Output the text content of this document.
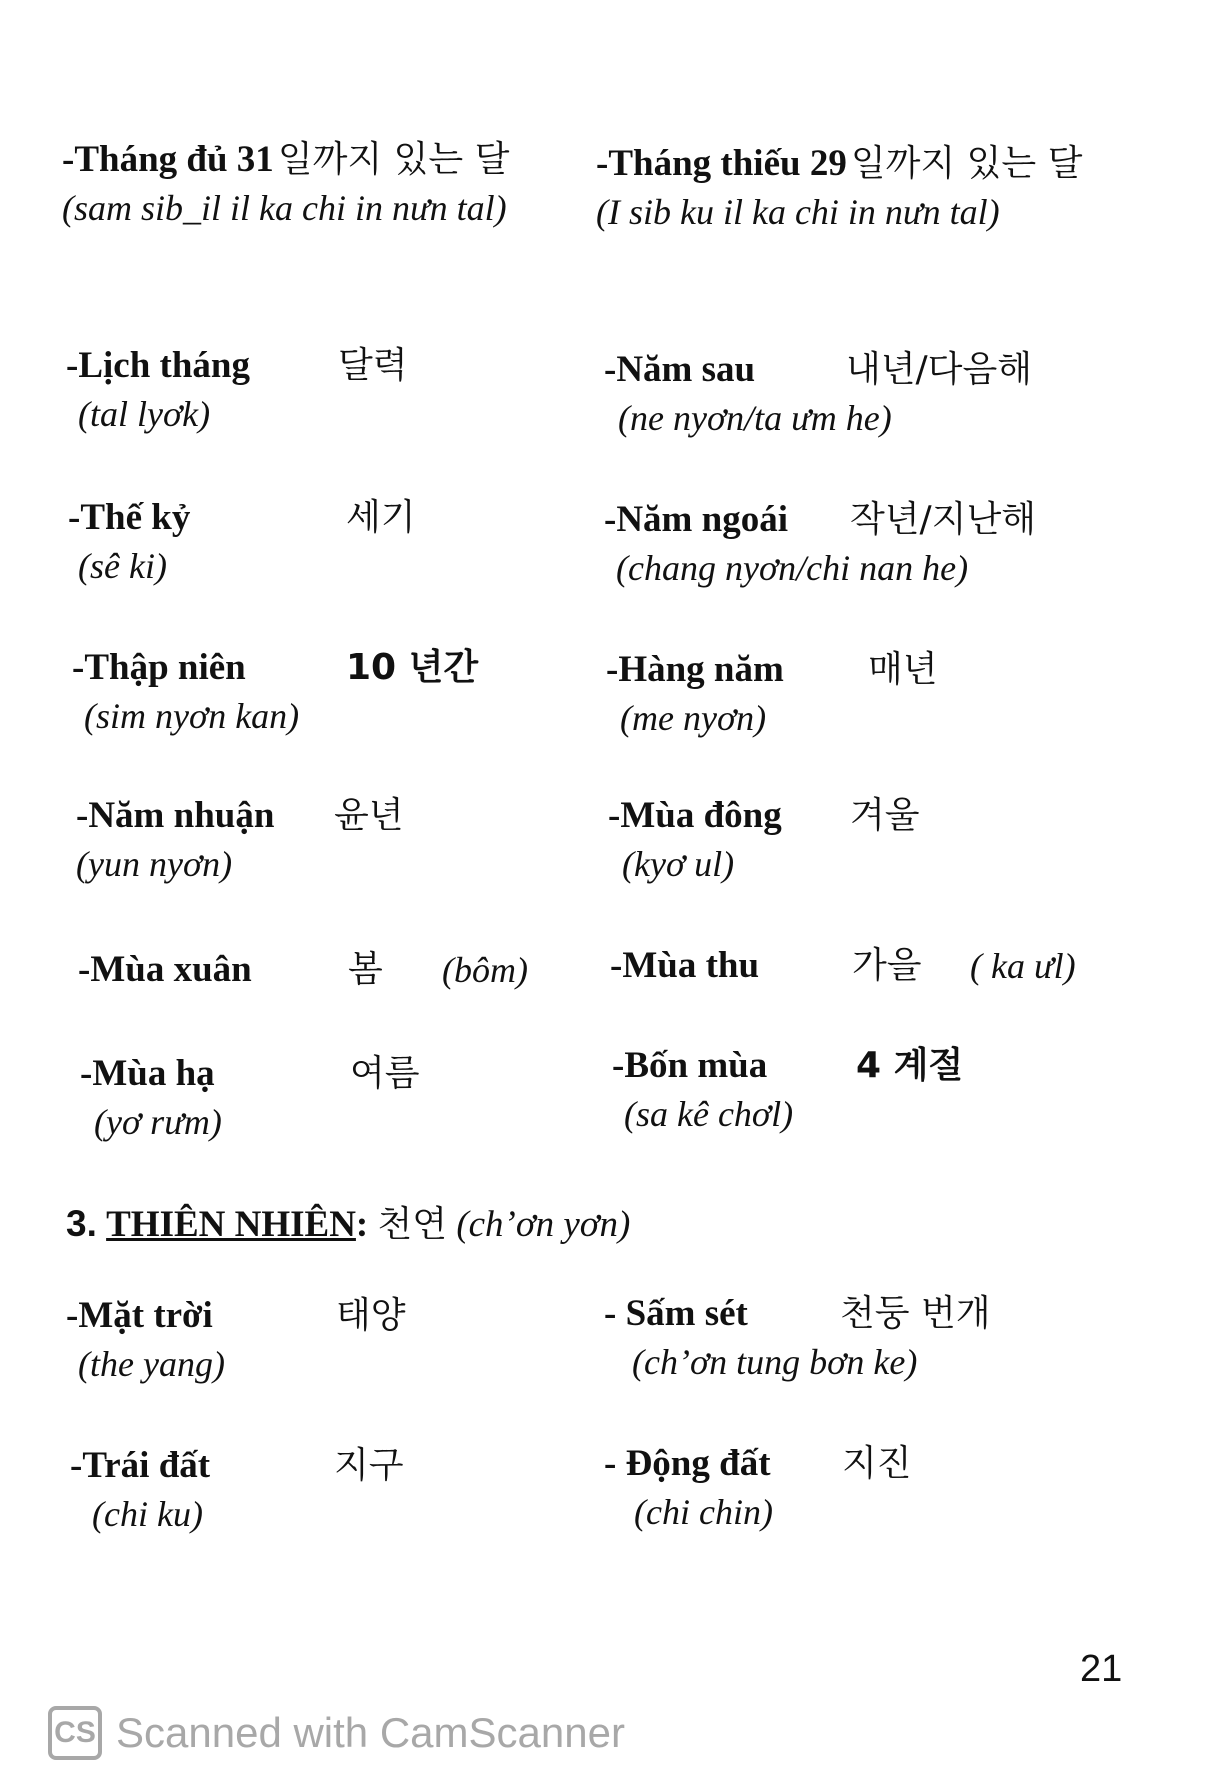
-Tháng đủ 31 일까지 있는 달 (sam sib_il il ka chi in nưn tal)
-Lịch tháng 달력
(tal lyơk)
-Thế kỷ	세기
(sê ki)
-Thập niên	10 년간
(sim nyơn kan)
-Năm nhuận 윤년
(yun nyơn)
-Mùa xuân	봄 (bôm)
-Mùa hạ	여름
(yơ rưm)
-Tháng thiếu 29 일까지 있는 달 (I sib ku il ka chi in nưn tal)
-Năm sau	내년/다음해
(ne nyơn/ta ưm he)
-Năm ngoái 작년/지난해
(chang nyơn/chi nan he)
-Hàng năm 매년
(me nyơn)
-Mùa đông 겨울
(kyơ ul)
-Mùa thu	가을 ( ka ưl)
-Bốn mùa 4 계절
(sa kê chơl)
3. THIÊN NHIÊN: 천연 (ch’ơn yơn)
-Mặt trời	태양
(the yang)
-Trái đất	지구
(chi ku)
- Sấm sét	천둥 번개
(ch’ơn tung bơn ke)
- Động đất 지진
(chi chin)
21
CS Scanned with CamScanner
